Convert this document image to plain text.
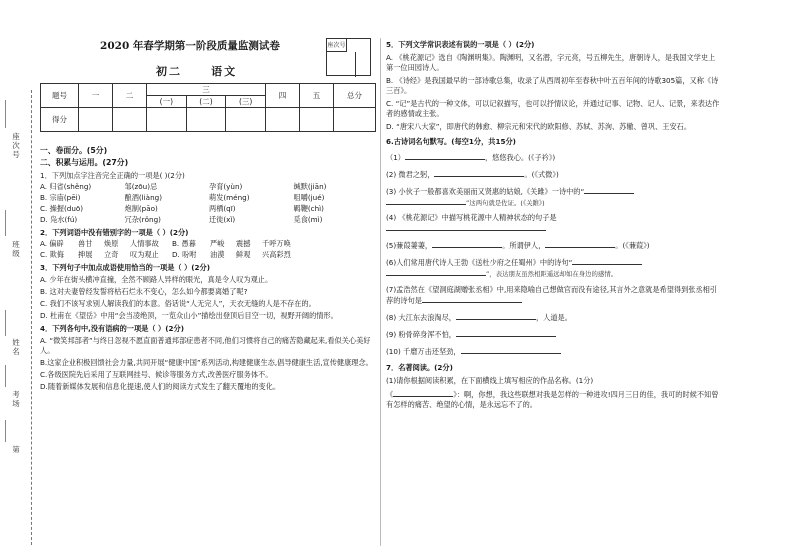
座次号
班级
姓名
考场
第
2020 年春学期第一阶段质量监测试卷
初二	语文
座次号
题号	一	二	三			四	五	总分
			(一)	(二)	(三)			
得分								
一、卷面分。(5分)
二、积累与运用。(27分)
1．下列加点字注音完全正确的一项是( )(2分)
A. 归省(shěng)	邹(zōu)忌	孕育(yùn)	缄默(jiān)
B. 宗庙(pēi)	酿酒(liàng)	萌发(méng)	咀嚼(jué)
C. 操握(duō)	炮制(pāo)	两栖(qī)	羁鞭(chì)
D. 凫水(fú)	冗杂(rǒng)	迁徙(xǐ)	觅食(mì)
2．下列词语中没有错别字的一项是（ ）(2分)
A. 偏辟	兽甘	焕原	人情事故	B. 愚暮	严峻	震撼	千呼万唤
C. 欺侮	抻展	立奇	叹为观止	D. 吩咐	油漠	鲜观	兴高彩烈
3．下列句子中加点成语使用恰当的一项是（ ）(2分)
A. 少年在街头横冲直撞，全然不顾路人异样的眼光，真是令人叹为观止。
B. 这对夫妻曾经发誓将枯石烂永不变心，怎么如今都要离婚了呢?
C. 我们不该写求别人解读我们的本意。俗话说“人无完人”，天衣无缝的人是不存在的。
D. 杜甫在《望岳》中用“会当凌绝顶，一览众山小”描绘出登顶后目空一切，视野开阔的情形。
4．下列各句中,没有语病的一项是（ ）(2分)
A. “微笑邦部者”与终日忽视不愿直面普通邦部症患者不同,他们习惯将自己的痛苦隐藏起来,看似关心美好人。
B.这家企业积极回馈社会力量,共同开展“健康中国”系列活动,构建健康生态,倡导健康生活,宣传健康理念。
C.各级医院先后采用了互联网挂号、候诊等服务方式,改善医疗服务体不。
D.随着新媒体发展和信息化提速,使人们的阅读方式发生了翻天覆地的变化。
5．下列文学常识表述有误的一项是（ ）(2分)
A. 《桃花源记》选自《陶渊明集》。陶渊明，又名潜，字元亮，号五柳先生，唐朝诗人，是我国文学史上第一位田园诗人。
B. 《诗经》是我国最早的一部诗歌总集，收录了从西周初年至春秋中叶五百年间的诗歌305篇，又称《诗三百》。
C. “记”是古代的一种文体，可以记叙描写，也可以抒情议论，并通过记事、记物、记人、记景，来表达作者的感情或主张。
D. “唐宋八大家”，即唐代的韩愈、柳宗元和宋代的欧阳修、苏轼、苏洵、苏辙、曾巩、王安石。
6.古诗词名句默写。(每空1分，共15分)
（1）	，悠悠我心。(《子衿》)
(2) 微君之躬，	。(《式微》)
(3) 小伙子一般都喜欢美丽而又贤惠的姑娘,《关雎》一诗中的“
”这两句就是佐证。(《关雎》)
(4) 《桃花源记》中描写桃花源中人精神状态的句子是

(5)蒹葭萋萋，	。所谓伊人，	。(《蒹葭》)
(6)人们常用唐代诗人王勃《送杜少府之任蜀州》中的诗句“
”，表达朋友虽然相距遥远却如在身边的感情。
(7)孟浩然在《望洞庭湖赠张丞相》中,用来隐喻自己想做官而没有途径,其言外之意就是希望得到张丞相引荐的诗句是
(8) 大江东去浪淘尽，	，人道是。
(9) 粉骨碎身浑不怕，
(10) 千磨万击还坚劲，
7．名著阅读。(2分)
(1)请你根据阅读积累，在下面横线上填写相应的作品名称。(1分)
《	》：啊，你想，我这些联想对我是怎样的一种进攻!四月三日的佳，我可的时候不知曾有怎样的痛苦、绝望的心情，是永远忘不了的。
